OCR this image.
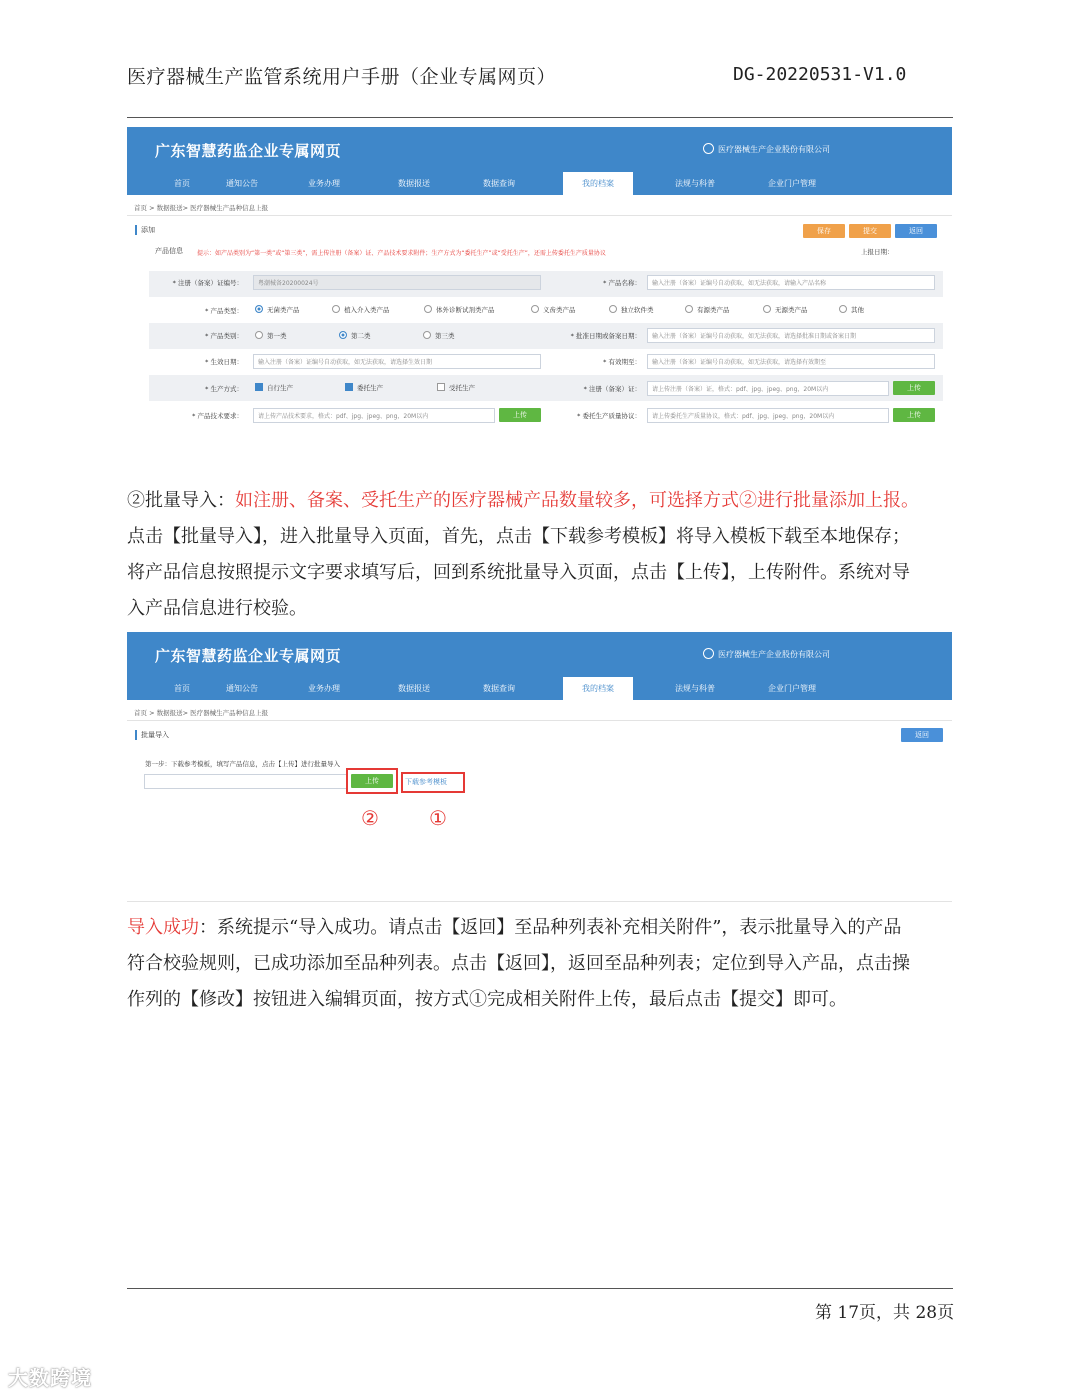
医疗器械生产监管系统用户手册（企业专属网页）	DG-20220531-V1.0
广东智慧药监企业专属网页	医疗器械生产企业股份有限公司
首页	通知公告	业务办理	数据报送	数据查询	我的档案	法规与科普	企业门户管理
首页 > 数据报送> 医疗器械生产品种信息上报
添加	保存	提交	返回
产品信息 提示：如产品类别为“第一类”或“第三类”，需上传注册（备案）证、产品技术要求附件；生产方式为“委托生产”或“受托生产”，还需上传委托生产质量协议	上报日期：
* 注册（备案）证编号：	粤潮械备20200024号	* 产品名称：	输入注册（备案）证编号自动获取，如无法获取，请输入产品名称
* 产品类型：	无菌类产品	植入介入类产品	体外诊断试剂类产品	义齿类产品	独立软件类	有源类产品	无源类产品	其他
* 产品类别：	第一类	第二类	第三类	* 批准日期或备案日期：	输入注册（备案）证编号自动获取，如无法获取，请选择批准日期或备案日期
* 生效日期：	输入注册（备案）证编号自动获取，如无法获取，请选择生效日期	* 有效期至：	输入注册（备案）证编号自动获取，如无法获取，请选择有效期至
* 生产方式：	自行生产	委托生产	受托生产	* 注册（备案）证：	请上传注册（备案）证，格式：pdf、jpg、jpeg、png，20M以内	上传
* 产品技术要求：	请上传产品技术要求，格式：pdf、jpg、jpeg、png，20M以内	上传	* 委托生产质量协议：	请上传委托生产质量协议，格式：pdf、jpg、jpeg、png，20M以内	上传
②批量导入：如注册、备案、受托生产的医疗器械产品数量较多，可选择方式②进行批量添加上报。
点击【批量导入】，进入批量导入页面，首先，点击【下载参考模板】将导入模板下载至本地保存；
将产品信息按照提示文字要求填写后，回到系统批量导入页面，点击【上传】，上传附件。系统对导
入产品信息进行校验。
广东智慧药监企业专属网页	医疗器械生产企业股份有限公司
首页	通知公告	业务办理	数据报送	数据查询	我的档案	法规与科普	企业门户管理
首页 > 数据报送> 医疗器械生产品种信息上报
批量导入	返回
第一步：下载参考模板，填写产品信息，点击【上传】进行批量导入
上传	下载参考模板
②	①
导入成功：系统提示“导入成功。请点击【返回】至品种列表补充相关附件”，表示批量导入的产品
符合校验规则，已成功添加至品种列表。点击【返回】，返回至品种列表；定位到导入产品，点击操
作列的【修改】按钮进入编辑页面，按方式①完成相关附件上传，最后点击【提交】即可。
第 17页，共 28页
大数跨境
